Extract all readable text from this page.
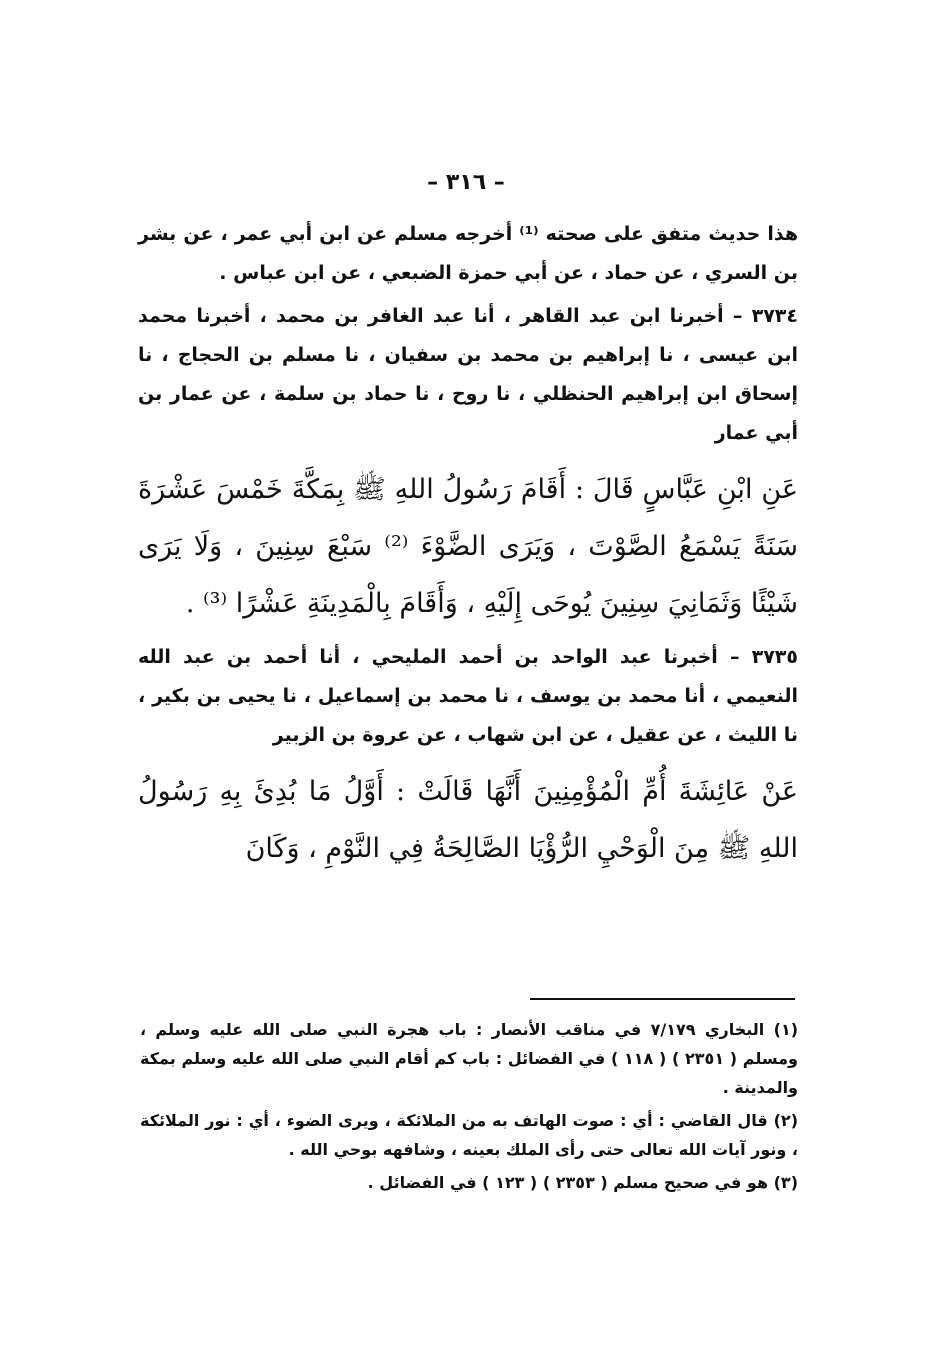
– ٣١٦ –

هذا حديث متفق على صحته ⁽¹⁾ أخرجه مسلم عن ابن أبي عمر ، عن بشر بن السري ، عن حماد ، عن أبي حمزة الضبعي ، عن ابن عباس .

٣٧٣٤ – أخبرنا ابن عبد القاهر ، أنا عبد الغافر بن محمد ، أخبرنا محمد ابن عيسى ، نا إبراهيم بن محمد بن سفيان ، نا مسلم بن الحجاج ، نا إسحاق ابن إبراهيم الحنظلي ، نا روح ، نا حماد بن سلمة ، عن عمار بن أبي عمار

عَنِ ابْنِ عَبَّاسٍ قَالَ : أَقَامَ رَسُولُ اللهِ ﷺ بِمَكَّةَ خَمْسَ عَشْرَةَ سَنَةً يَسْمَعُ الصَّوْتَ ، وَيَرَى الضَّوْءَ ⁽²⁾ سَبْعَ سِنِينَ ، وَلَا يَرَى شَيْئًا وَثَمَانِيَ سِنِينَ يُوحَى إِلَيْهِ ، وَأَقَامَ بِالْمَدِينَةِ عَشْرًا ⁽³⁾ .

٣٧٣٥ – أخبرنا عبد الواحد بن أحمد المليحي ، أنا أحمد بن عبد الله النعيمي ، أنا محمد بن يوسف ، نا محمد بن إسماعيل ، نا يحيى بن بكير ، نا الليث ، عن عقيل ، عن ابن شهاب ، عن عروة بن الزبير

عَنْ عَائِشَةَ أُمِّ الْمُؤْمِنِينَ أَنَّهَا قَالَتْ : أَوَّلُ مَا بُدِئَ بِهِ رَسُولُ اللهِ ﷺ مِنَ الْوَحْيِ الرُّؤْيَا الصَّالِحَةُ فِي النَّوْمِ ، وَكَانَ

(١) البخاري ٧/١٧٩ في مناقب الأنصار : باب هجرة النبي صلى الله عليه وسلم ، ومسلم ( ٢٣٥١ ) ( ١١٨ ) في الفضائل : باب كم أقام النبي صلى الله عليه وسلم بمكة والمدينة .

(٢) قال القاضي : أي : صوت الهاتف به من الملائكة ، ويرى الضوء ، أي : نور الملائكة ، ونور آيات الله تعالى حتى رأى الملك بعينه ، وشافهه بوحي الله .

(٣) هو في صحيح مسلم ( ٢٣٥٣ ) ( ١٢٣ ) في الفضائل .
